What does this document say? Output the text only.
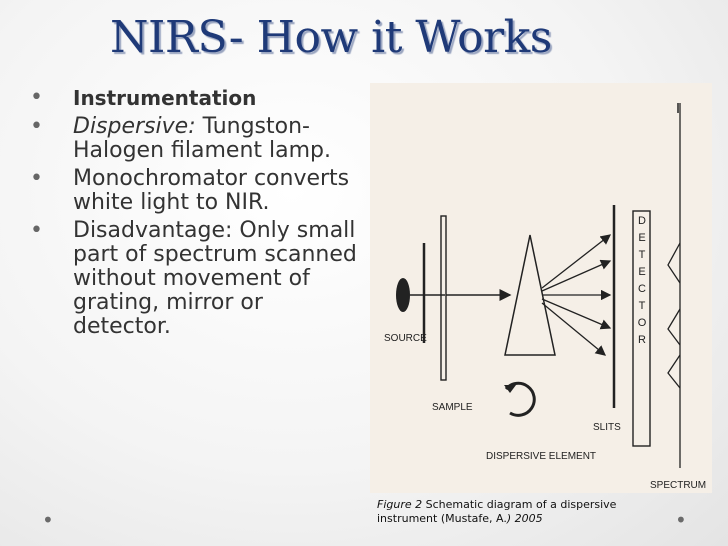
NIRS- How it Works
• Instrumentation
• Dispersive: Tungston- Halogen filament lamp.
• Monochromator converts white light to NIR.
• Disadvantage: Only small part of spectrum scanned without movement of grating, mirror or detector.
D
E
T
E
C
T
O
R
SOURCE
SAMPLE
SLITS
DISPERSIVE ELEMENT
SPECTRUM
Figure 2 Schematic diagram of a dispersive instrument (Mustafe, A.) 2005
•	•
